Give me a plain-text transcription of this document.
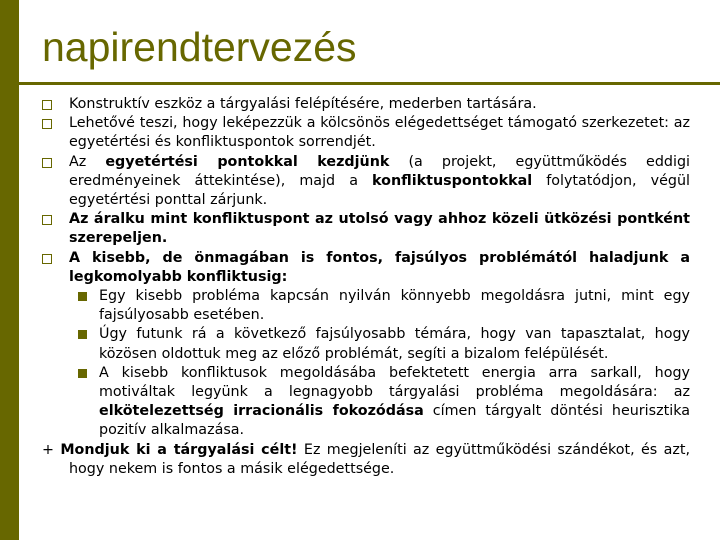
napirendtervezés
Konstruktív eszköz a tárgyalási felépítésére, mederben tartására.
Lehetővé teszi, hogy leképezzük a kölcsönös elégedettséget támogató szerkezetet: az egyetértési és konfliktuspontok sorrendjét.
Az egyetértési pontokkal kezdjünk (a projekt, együttműködés eddigi eredményeinek áttekintése), majd a konfliktuspontokkal folytatódjon, végül egyetértési ponttal zárjunk.
Az áralku mint konfliktuspont az utolsó vagy ahhoz közeli ütközési pontként szerepeljen.
A kisebb, de önmagában is fontos, fajsúlyos problémától haladjunk a legkomolyabb konfliktusig:
Egy kisebb probléma kapcsán nyilván könnyebb megoldásra jutni, mint egy fajsúlyosabb esetében.
Úgy futunk rá a következő fajsúlyosabb témára, hogy van tapasztalat, hogy közösen oldottuk meg az előző problémát, segíti a bizalom felépülését.
A kisebb konfliktusok megoldásába befektetett energia arra sarkall, hogy motiváltak legyünk a legnagyobb tárgyalási probléma megoldására: az elkötelezettség irracionális fokozódása címen tárgyalt döntési heurisztika pozitív alkalmazása.
+ Mondjuk ki a tárgyalási célt! Ez megjeleníti az együttműködési szándékot, és azt, hogy nekem is fontos a másik elégedettsége.
